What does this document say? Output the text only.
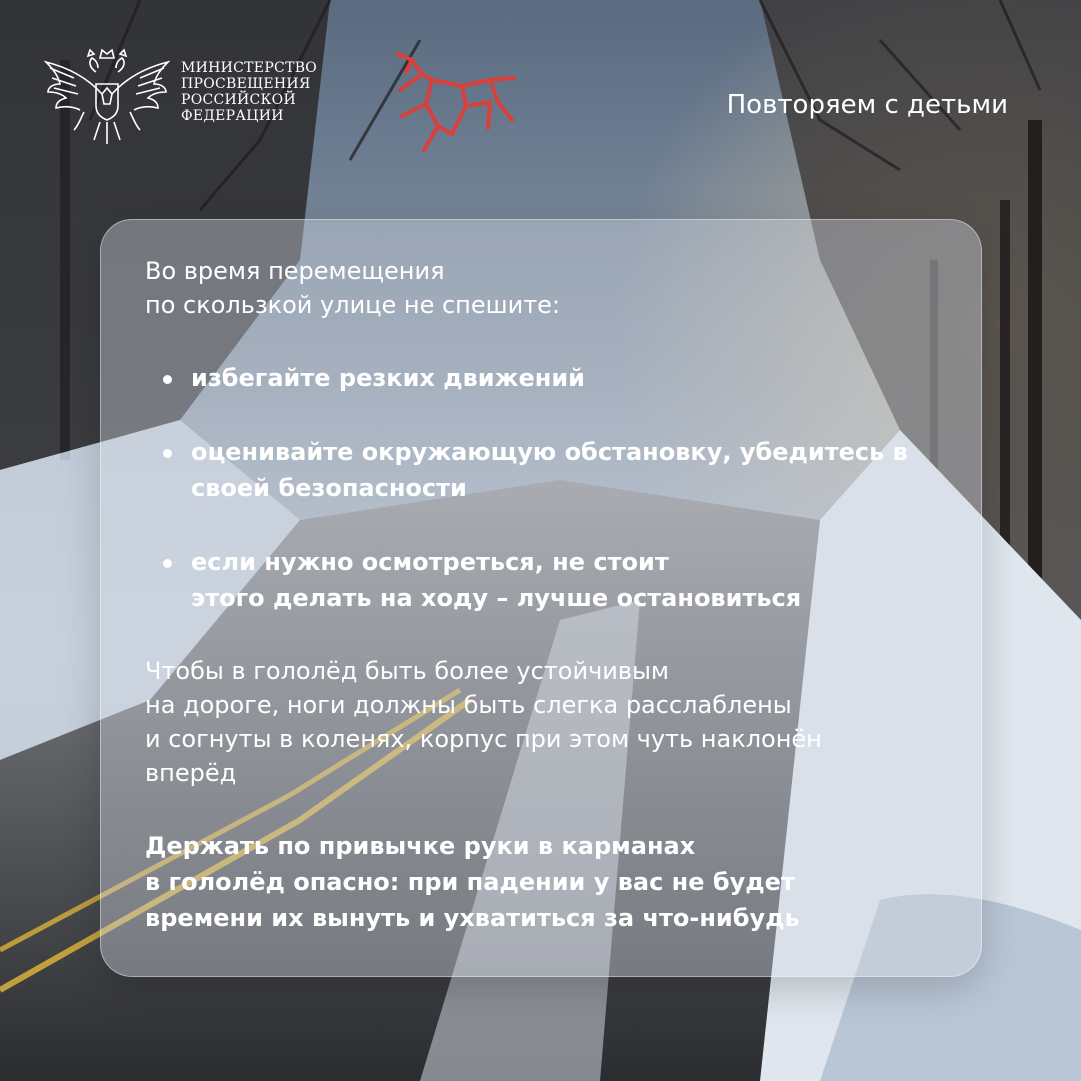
МИНИСТЕРСТВО
ПРОСВЕЩЕНИЯ
РОССИЙСКОЙ
ФЕДЕРАЦИИ	Повторяем с детьми

Во время перемещения
по скользкой улице не спешите:

избегайте резких движений
оценивайте окружающую обстановку, убедитесь в
своей безопасности
если нужно осмотреться, не стоит
этого делать на ходу – лучше остановиться

Чтобы в гололёд быть более устойчивым
на дороге, ноги должны быть слегка расслаблены
и согнуты в коленях, корпус при этом чуть наклонён
вперёд

Держать по привычке руки в карманах
в гололёд опасно: при падении у вас не будет
времени их вынуть и ухватиться за что-нибудь
